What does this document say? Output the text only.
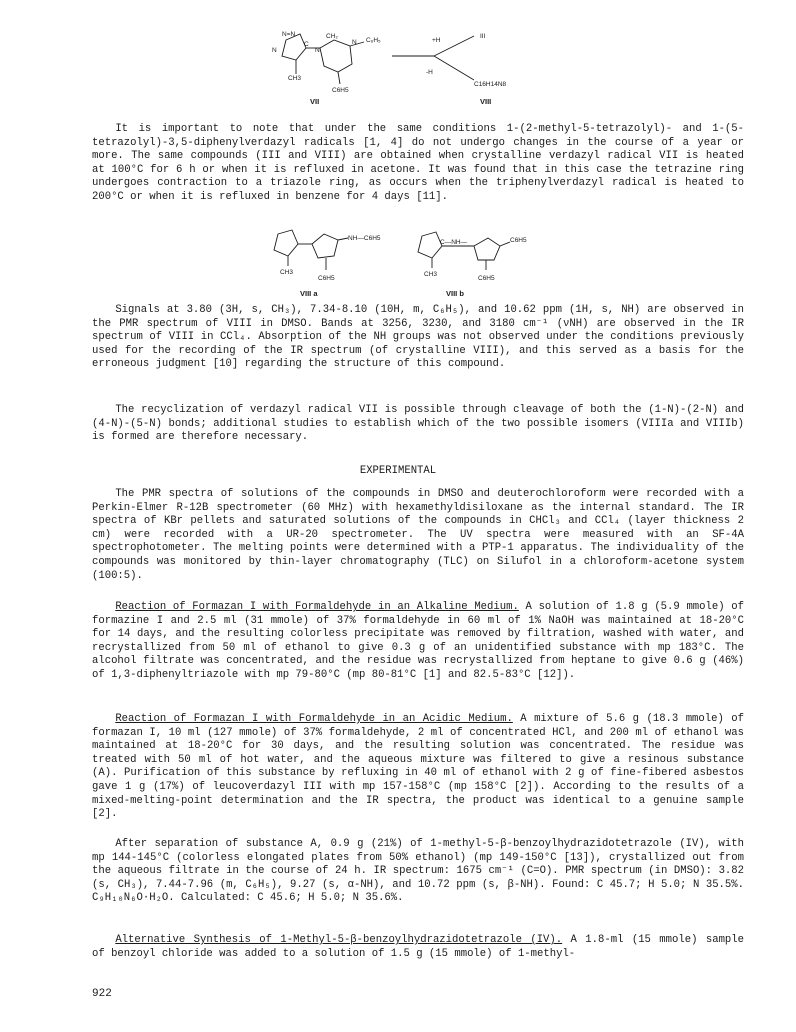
N=N
N
C
N
CH₂
N C₆H₅
CH3
C6H5
VII
+H
-H
III
C16H14N8
VIII
It is important to note that under the same conditions 1-(2-methyl-5-tetrazolyl)- and 1-(5-tetrazolyl)-3,5-diphenylverdazyl radicals [1, 4] do not undergo changes in the course of a year or more. The same compounds (III and VIII) are obtained when crystalline verdazyl radical VII is heated at 100°C for 6 h or when it is refluxed in acetone. It was found that in this case the tetrazine ring undergoes contraction to a triazole ring, as occurs when the triphenylverdazyl radical is heated to 200°C or when it is refluxed in benzene for 4 days [11].
NH—C6H5
CH3
C6H5
VIII a
C—NH—	C6H5
CH3
C6H5
VIII b
Signals at 3.80 (3H, s, CH₃), 7.34-8.10 (10H, m, C₆H₅), and 10.62 ppm (1H, s, NH) are observed in the PMR spectrum of VIII in DMSO. Bands at 3256, 3230, and 3180 cm⁻¹ (νNH) are observed in the IR spectrum of VIII in CCl₄. Absorption of the NH groups was not observed under the conditions previously used for the recording of the IR spectrum (of crystalline VIII), and this served as a basis for the erroneous judgment [10] regarding the structure of this compound.
The recyclization of verdazyl radical VII is possible through cleavage of both the (1-N)-(2-N) and (4-N)-(5-N) bonds; additional studies to establish which of the two possible isomers (VIIIa and VIIIb) is formed are therefore necessary.
EXPERIMENTAL
The PMR spectra of solutions of the compounds in DMSO and deuterochloroform were recorded with a Perkin-Elmer R-12B spectrometer (60 MHz) with hexamethyldisiloxane as the internal standard. The IR spectra of KBr pellets and saturated solutions of the compounds in CHCl₃ and CCl₄ (layer thickness 2 cm) were recorded with a UR-20 spectrometer. The UV spectra were measured with an SF-4A spectrophotometer. The melting points were determined with a PTP-1 apparatus. The individuality of the compounds was monitored by thin-layer chromatography (TLC) on Silufol in a chloroform-acetone system (100:5).
Reaction of Formazan I with Formaldehyde in an Alkaline Medium. A solution of 1.8 g (5.9 mmole) of formazine I and 2.5 ml (31 mmole) of 37% formaldehyde in 60 ml of 1% NaOH was maintained at 18-20°C for 14 days, and the resulting colorless precipitate was removed by filtration, washed with water, and recrystallized from 50 ml of ethanol to give 0.3 g of an unidentified substance with mp 183°C. The alcohol filtrate was concentrated, and the residue was recrystallized from heptane to give 0.6 g (46%) of 1,3-diphenyltriazole with mp 79-80°C (mp 80-81°C [1] and 82.5-83°C [12]).
Reaction of Formazan I with Formaldehyde in an Acidic Medium. A mixture of 5.6 g (18.3 mmole) of formazan I, 10 ml (127 mmole) of 37% formaldehyde, 2 ml of concentrated HCl, and 200 ml of ethanol was maintained at 18-20°C for 30 days, and the resulting solution was concentrated. The residue was treated with 50 ml of hot water, and the aqueous mixture was filtered to give a resinous substance (A). Purification of this substance by refluxing in 40 ml of ethanol with 2 g of fine-fibered asbestos gave 1 g (17%) of leucoverdazyl III with mp 157-158°C (mp 158°C [2]). According to the results of a mixed-melting-point determination and the IR spectra, the product was identical to a genuine sample [2].
After separation of substance A, 0.9 g (21%) of 1-methyl-5-β-benzoylhydrazidotetrazole (IV), with mp 144-145°C (colorless elongated plates from 50% ethanol) (mp 149-150°C [13]), crystallized out from the aqueous filtrate in the course of 24 h. IR spectrum: 1675 cm⁻¹ (C=O). PMR spectrum (in DMSO): 3.82 (s, CH₃), 7.44-7.96 (m, C₆H₅), 9.27 (s, α-NH), and 10.72 ppm (s, β-NH). Found: C 45.7; H 5.0; N 35.5%. C₉H₁₀N₆O·H₂O. Calculated: C 45.6; H 5.0; N 35.6%.
Alternative Synthesis of 1-Methyl-5-β-benzoylhydrazidotetrazole (IV). A 1.8-ml (15 mmole) sample of benzoyl chloride was added to a solution of 1.5 g (15 mmole) of 1-methyl-
922
